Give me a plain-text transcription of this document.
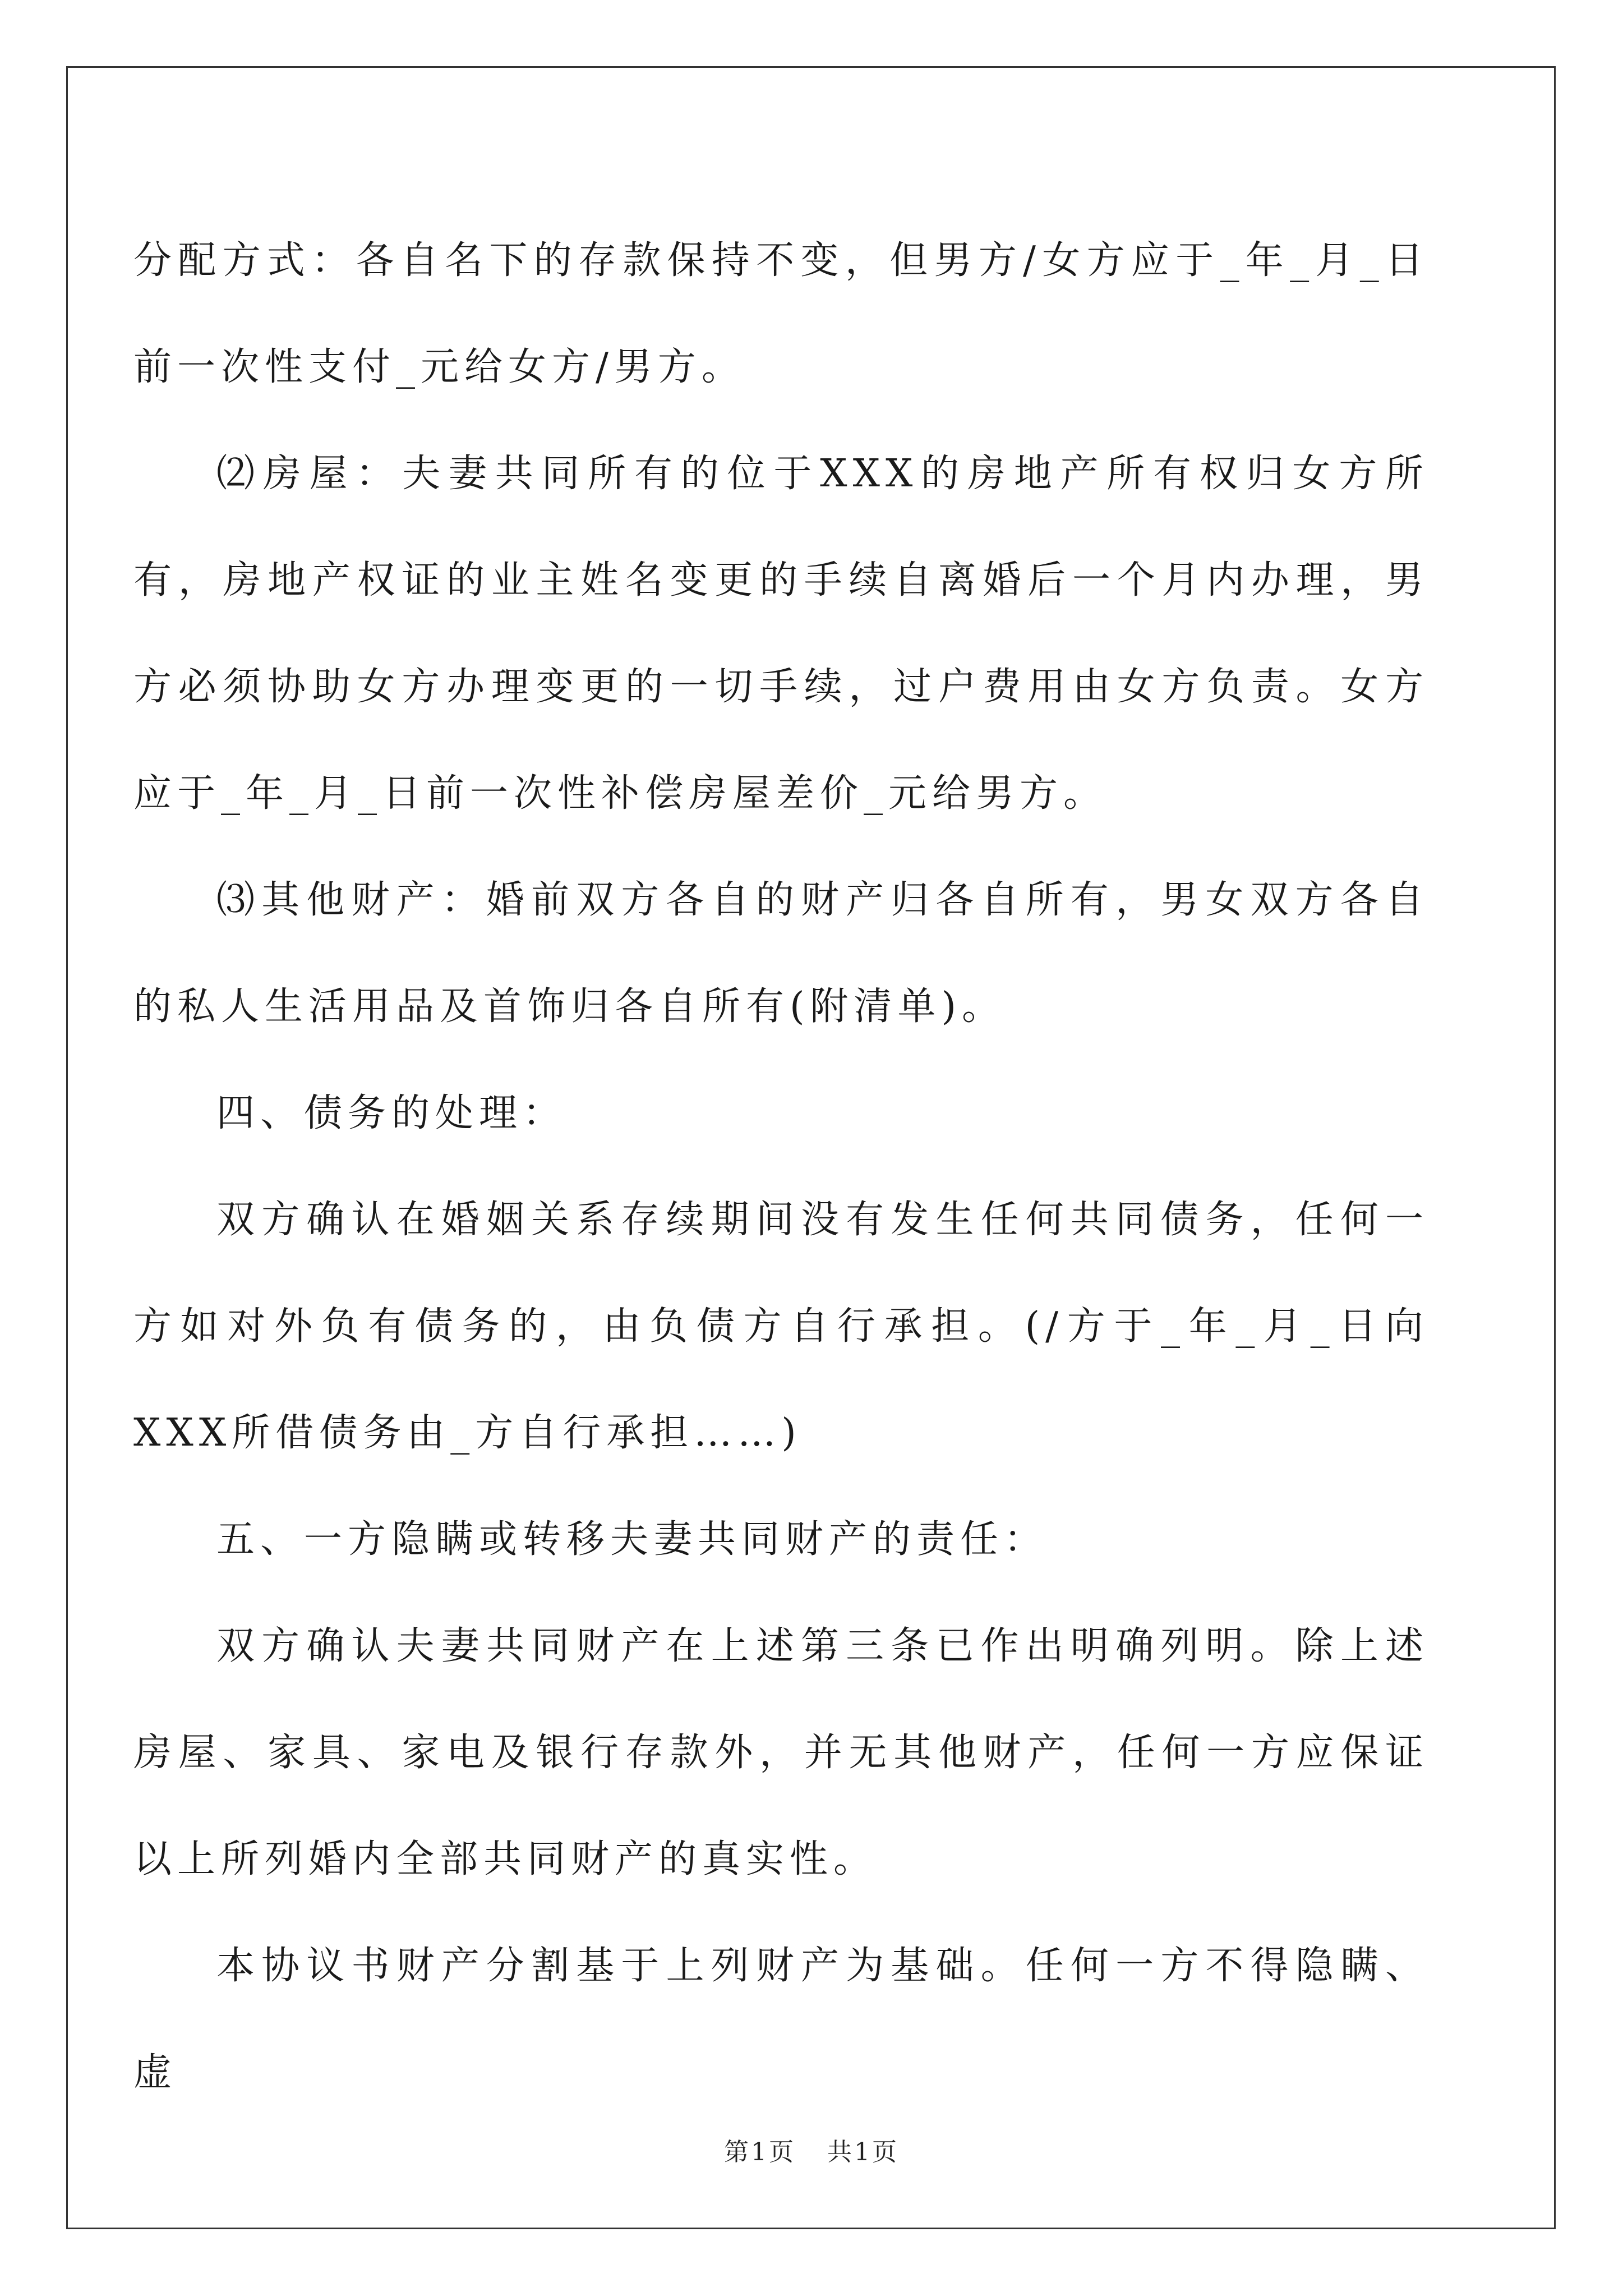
分配方式：各自名下的存款保持不变，但男方/女方应于_年_月_日前一次性支付_元给女方/男方。

⑵房屋：夫妻共同所有的位于XXX的房地产所有权归女方所有，房地产权证的业主姓名变更的手续自离婚后一个月内办理，男方必须协助女方办理变更的一切手续，过户费用由女方负责。女方应于_年_月_日前一次性补偿房屋差价_元给男方。

⑶其他财产：婚前双方各自的财产归各自所有，男女双方各自的私人生活用品及首饰归各自所有(附清单)。

四、债务的处理：

双方确认在婚姻关系存续期间没有发生任何共同债务，任何一方如对外负有债务的，由负债方自行承担。(/方于_年_月_日向XXX所借债务由_方自行承担……)

五、一方隐瞒或转移夫妻共同财产的责任：

双方确认夫妻共同财产在上述第三条已作出明确列明。除上述房屋、家具、家电及银行存款外，并无其他财产，任何一方应保证以上所列婚内全部共同财产的真实性。

本协议书财产分割基于上列财产为基础。任何一方不得隐瞒、虚

第1页 共1页
